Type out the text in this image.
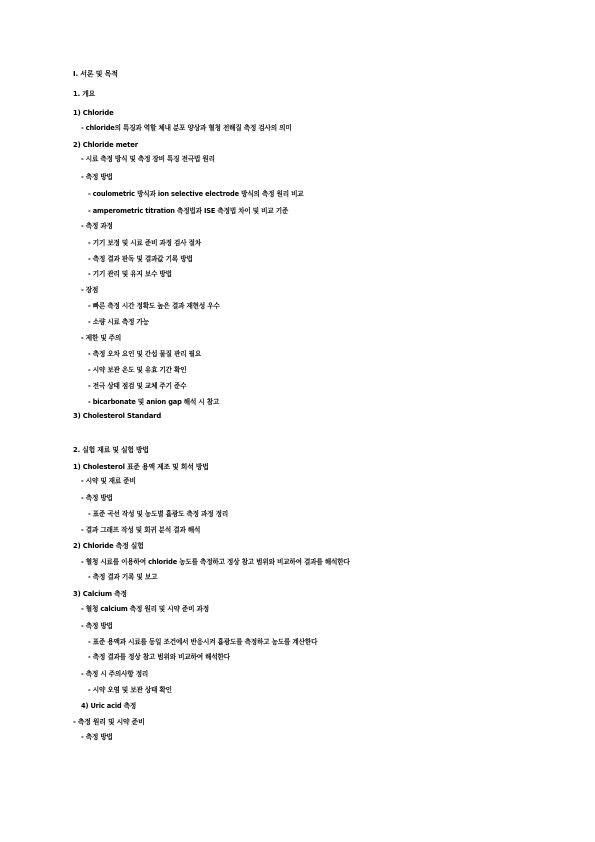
Ⅰ. 서론 및 목적
1. 개요
1) Chloride
- chloride의 특징과 역할 체내 분포 양상과 혈청 전해질 측정 검사의 의미
2) Chloride meter
- 시료 측정 방식 및 측정 장비 특징 전극법 원리
- 측정 방법
- coulometric 방식과 ion selective electrode 방식의 측정 원리 비교
- amperometric titration 측정법과 ISE 측정법 차이 및 비교 기준
- 측정 과정
- 기기 보정 및 시료 준비 과정 검사 절차
- 측정 결과 판독 및 결과값 기록 방법
- 기기 관리 및 유지 보수 방법
- 장점
- 빠른 측정 시간 정확도 높은 결과 재현성 우수
- 소량 시료 측정 가능
- 제한 및 주의
- 측정 오차 요인 및 간섭 물질 관리 필요
- 시약 보관 온도 및 유효 기간 확인
- 전극 상태 점검 및 교체 주기 준수
- bicarbonate 및 anion gap 해석 시 참고
3) Cholesterol Standard
2. 실험 재료 및 실험 방법
1) Cholesterol 표준 용액 제조 및 희석 방법
- 시약 및 재료 준비
- 측정 방법
- 표준 곡선 작성 및 농도별 흡광도 측정 과정 정리
- 결과 그래프 작성 및 회귀 분석 결과 해석
2) Chloride 측정 실험
- 혈청 시료를 이용하여 chloride 농도를 측정하고 정상 참고 범위와 비교하여 결과를 해석한다
- 측정 결과 기록 및 보고
3) Calcium 측정
- 혈청 calcium 측정 원리 및 시약 준비 과정
- 측정 방법
- 표준 용액과 시료를 동일 조건에서 반응시켜 흡광도를 측정하고 농도를 계산한다
- 측정 결과를 정상 참고 범위와 비교하여 해석한다
- 측정 시 주의사항 정리
- 시약 오염 및 보관 상태 확인
4) Uric acid 측정
- 측정 원리 및 시약 준비
- 측정 방법
